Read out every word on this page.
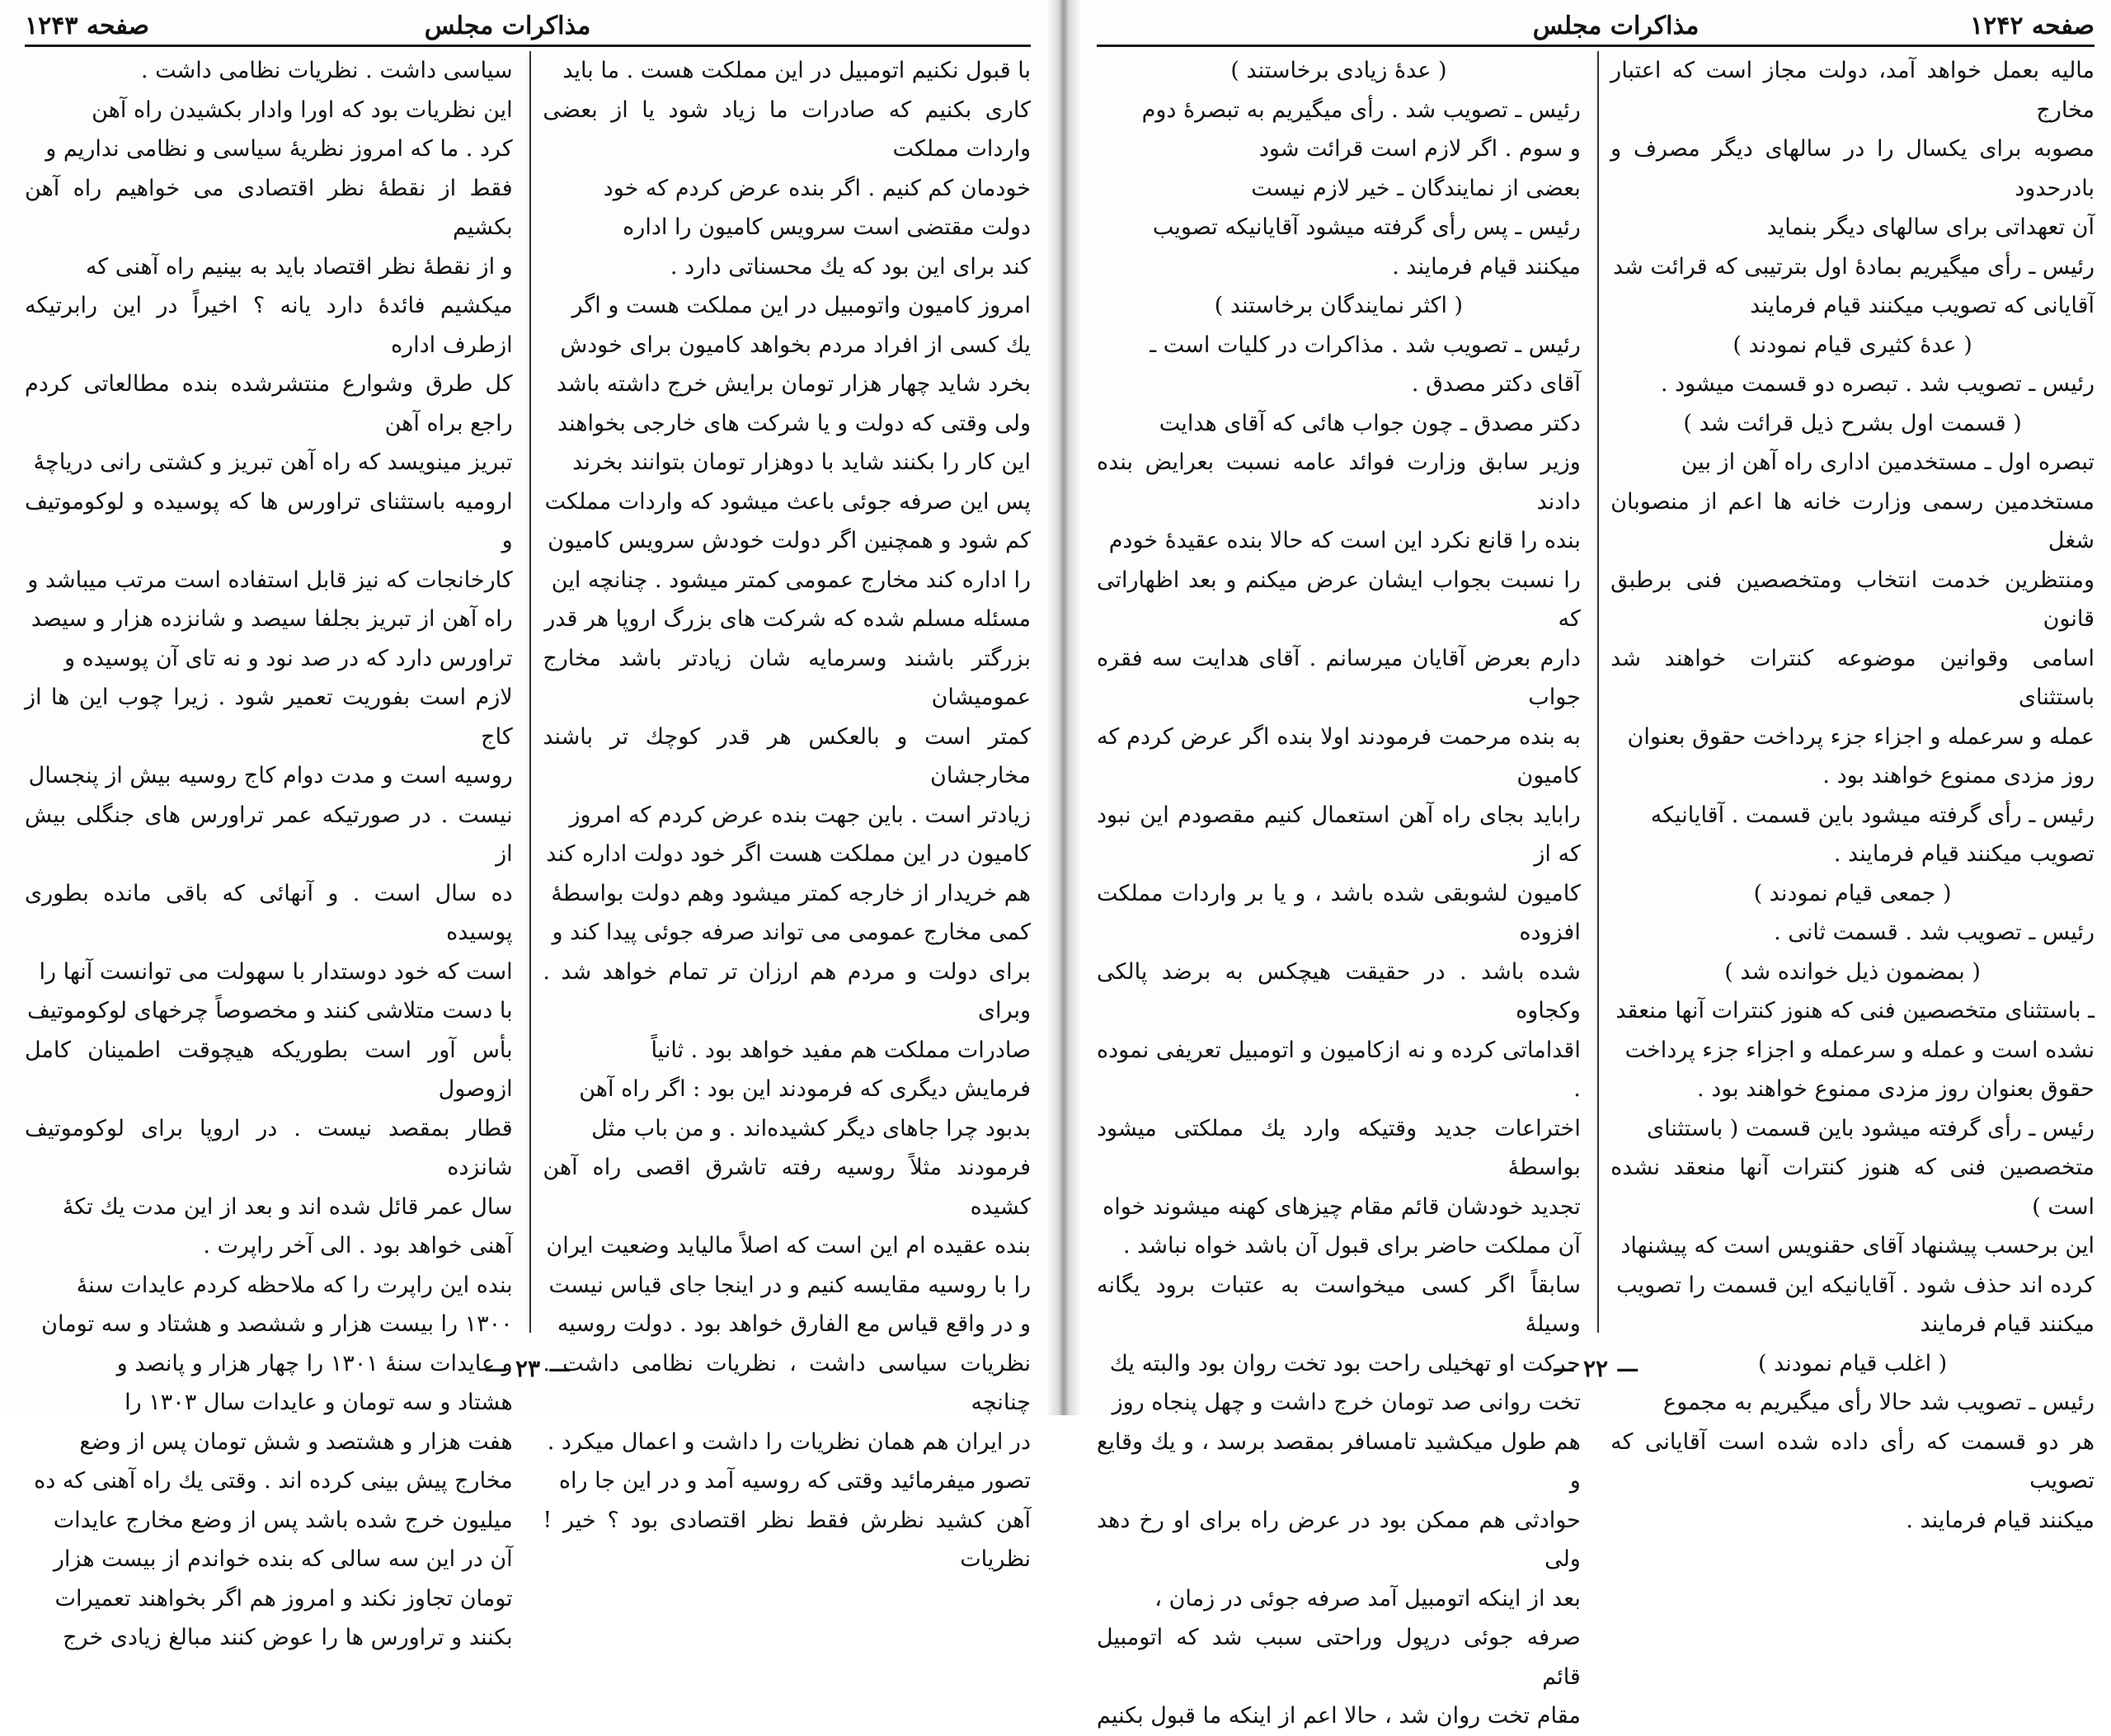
صفحه ۱۲۴۳	مذاکرات مجلس

با قبول نکنیم اتومبیل در این مملکت هست . ما باید

کاری بکنیم که صادرات ما زیاد شود یا از بعضی واردات مملکت

خودمان کم کنیم . اگر بنده عرض کردم که خود

دولت مقتضی است سرویس کامیون را اداره

کند برای این بود که یك محسناتی دارد .

امروز کامیون واتومبیل در این مملکت هست و اگر

یك کسی از افراد مردم بخواهد کامیون برای خودش

بخرد شاید چهار هزار تومان برایش خرج داشته باشد

ولی وقتی که دولت و یا شرکت های خارجی بخواهند

این کار را بکنند شاید با دوهزار تومان بتوانند بخرند

پس این صرفه جوئی باعث میشود که واردات مملکت

کم شود و همچنین اگر دولت خودش سرویس کامیون

را اداره کند مخارج عمومی کمتر میشود . چنانچه این

مسئله مسلم شده که شرکت های بزرگ اروپا هر قدر

بزرگتر باشند وسرمایه شان زیادتر باشد مخارج عمومیشان

کمتر است و بالعکس هر قدر کوچك تر باشند مخارجشان

زیادتر است . باین جهت بنده عرض کردم که امروز

کامیون در این مملکت هست اگر خود دولت اداره کند

هم خریدار از خارجه کمتر میشود وهم دولت بواسطهٔ

کمی مخارج عمومی می تواند صرفه جوئی پیدا کند و

برای دولت و مردم هم ارزان تر تمام خواهد شد . وبرای

صادرات مملکت هم مفید خواهد بود . ثانیاً

فرمایش دیگری که فرمودند این بود : اگر راه آهن

بدبود چرا جاهای دیگر کشیده‌اند . و من باب مثل

فرمودند مثلاً روسیه رفته تاشرق اقصی راه آهن کشیده

بنده عقیده ام این است که اصلاً مالیاید وضعیت ایران

را با روسیه مقایسه کنیم و در اینجا جای قیاس نیست

و در واقع قیاس مع الفارق خواهد بود . دولت روسیه

نظریات سیاسی داشت ، نظریات نظامی داشت . چنانچه

در ایران هم همان نظریات را داشت و اعمال میکرد .

تصور میفرمائید وقتی که روسیه آمد و در این جا راه

آهن کشید نظرش فقط نظر اقتصادی بود ؟ خیر ! نظریات

سیاسی داشت . نظریات نظامی داشت .

این نظریات بود که اورا وادار بکشیدن راه آهن

کرد . ما که امروز نظریهٔ سیاسی و نظامی نداریم و

فقط از نقطهٔ نظر اقتصادی می خواهیم راه آهن بکشیم

و از نقطهٔ نظر اقتصاد باید به بینیم راه آهنی که

میکشیم فائدهٔ دارد یانه ؟ اخیراً در این رابرتیکه ازطرف اداره

کل طرق وشوارع منتشرشده بنده مطالعاتی کردم راجع براه آهن

تبریز مینویسد که راه آهن تبریز و کشتی رانی دریاچهٔ

ارومیه باستثنای تراورس ها که پوسیده و لوکوموتیف و

کارخانجات که نیز قابل استفاده است مرتب میباشد و

راه آهن از تبریز بجلفا سیصد و شانزده هزار و سیصد

تراورس دارد که در صد نود و نه تای آن پوسیده و

لازم است بفوریت تعمیر شود . زیرا چوب این ها از کاج

روسیه است و مدت دوام کاج روسیه بیش از پنجسال

نیست . در صورتیکه عمر تراورس های جنگلی بیش از

ده سال است . و آنهائی که باقی مانده بطوری پوسیده

است که خود دوستدار با سهولت می توانست آنها را

با دست متلاشی کنند و مخصوصاً چرخهای لوکوموتیف

بأس آور است بطوریکه هیچوقت اطمینان کامل ازوصول

قطار بمقصد نیست . در اروپا برای لوکوموتیف شانزده

سال عمر قائل شده اند و بعد از این مدت یك تکهٔ

آهنی خواهد بود . الی آخر راپرت .

بنده این راپرت را که ملاحظه کردم عایدات سنهٔ

۱۳۰۰ را بیست هزار و ششصد و هشتاد و سه تومان

و عایدات سنهٔ ۱۳۰۱ را چهار هزار و پانصد و

هشتاد و سه تومان و عایدات سال ۱۳۰۳ را

هفت هزار و هشتصد و شش تومان پس از وضع

مخارج پیش بینی کرده اند . وقتی یك راه آهنی که ده

میلیون خرج شده باشد پس از وضع مخارج عایدات

آن در این سه سالی که بنده خواندم از بیست هزار

تومان تجاوز نکند و امروز هم اگر بخواهند تعمیرات

بکنند و تراورس ها را عوض کنند مبالغ زیادی خرج

— ۲۳ —
مذاکرات مجلس	صفحه ۱۲۴۲

مالیه بعمل خواهد آمد، دولت مجاز است که اعتبار مخارج

مصوبه برای یکسال را در سالهای دیگر مصرف و بادرحدود

آن تعهداتی برای سالهای دیگر بنماید

رئیس ـ رأی میگیریم بمادهٔ اول بترتیبی که قرائت شد

آقایانی که تصویب میکنند قیام فرمایند

( عدهٔ کثیری قیام نمودند )

رئیس ـ تصویب شد . تبصره دو قسمت میشود .

( قسمت اول بشرح ذیل قرائت شد )

تبصره اول ـ مستخدمین اداری راه آهن از بین

مستخدمین رسمی وزارت خانه ها اعم از منصوبان شغل

ومنتظرین خدمت انتخاب ومتخصصین فنی برطبق قانون

اسامی وقوانین موضوعه کنترات خواهند شد باستثنای

عمله و سرعمله و اجزاء جزء پرداخت حقوق بعنوان

روز مزدی ممنوع خواهند بود .

رئیس ـ رأی گرفته میشود باین قسمت . آقایانیکه

تصویب میکنند قیام فرمایند .

( جمعی قیام نمودند )

رئیس ـ تصویب شد . قسمت ثانی .

( بمضمون ذیل خوانده شد )

ـ باستثنای متخصصین فنی که هنوز کنترات آنها منعقد

نشده است و عمله و سرعمله و اجزاء جزء پرداخت

حقوق بعنوان روز مزدی ممنوع خواهند بود .

رئیس ـ رأی گرفته میشود باین قسمت ( باستثنای

متخصصین فنی که هنوز کنترات آنها منعقد نشده است )

این برحسب پیشنهاد آقای حقنویس است که پیشنهاد

کرده اند حذف شود . آقایانیکه این قسمت را تصویب

میکنند قیام فرمایند

( اغلب قیام نمودند )

رئیس ـ تصویب شد حالا رأی میگیریم به مجموع

هر دو قسمت که رأی داده شده است آقایانی که تصویب

میکنند قیام فرمایند .

( عدهٔ زیادی برخاستند )

رئیس ـ تصویب شد . رأی میگیریم به تبصرهٔ دوم

و سوم . اگر لازم است قرائت شود

بعضی از نمایندگان ـ خیر لازم نیست

رئیس ـ پس رأی گرفته میشود آقایانیکه تصویب

میکنند قیام فرمایند .

( اکثر نمایندگان برخاستند )

رئیس ـ تصویب شد . مذاکرات در کلیات است ـ

آقای دکتر مصدق .

دکتر مصدق ـ چون جواب هائی که آقای هدایت

وزیر سابق وزارت فوائد عامه نسبت بعرایض بنده دادند

بنده را قانع نکرد این است که حالا بنده عقیدهٔ خودم

را نسبت بجواب ایشان عرض میکنم و بعد اظهاراتی که

دارم بعرض آقایان میرسانم . آقای هدایت سه فقره جواب

به بنده مرحمت فرمودند اولا بنده اگر عرض کردم که کامیون

راباید بجای راه آهن استعمال کنیم مقصودم این نبود که از

کامیون لشوبقی شده باشد ، و یا بر واردات مملکت افزوده

شده باشد . در حقیقت هیچکس به برضد پالکی وکجاوه

اقداماتی کرده و نه ازکامیون و اتومبیل تعریفی نموده .

اختراعات جدید وقتیکه وارد یك مملکتی میشود بواسطهٔ

تجدید خودشان قائم مقام چیزهای کهنه میشوند خواه

آن مملکت حاضر برای قبول آن باشد خواه نباشد .

سابقاً اگر کسی میخواست به عتبات برود یگانه وسیلهٔ

حرکت او تهخیلی راحت بود تخت روان بود والبته یك

تخت روانی صد تومان خرج داشت و چهل پنجاه روز

هم طول میکشید تامسافر بمقصد برسد ، و یك وقایع و

حوادثی هم ممکن بود در عرض راه برای او رخ دهد ولی

بعد از اینکه اتومبیل آمد صرفه جوئی در زمان ،

صرفه جوئی درپول وراحتی سبب شد که اتومبیل قائم

مقام تخت روان شد ، حالا اعم از اینکه ما قبول بکنیم

— ۲۲ —
